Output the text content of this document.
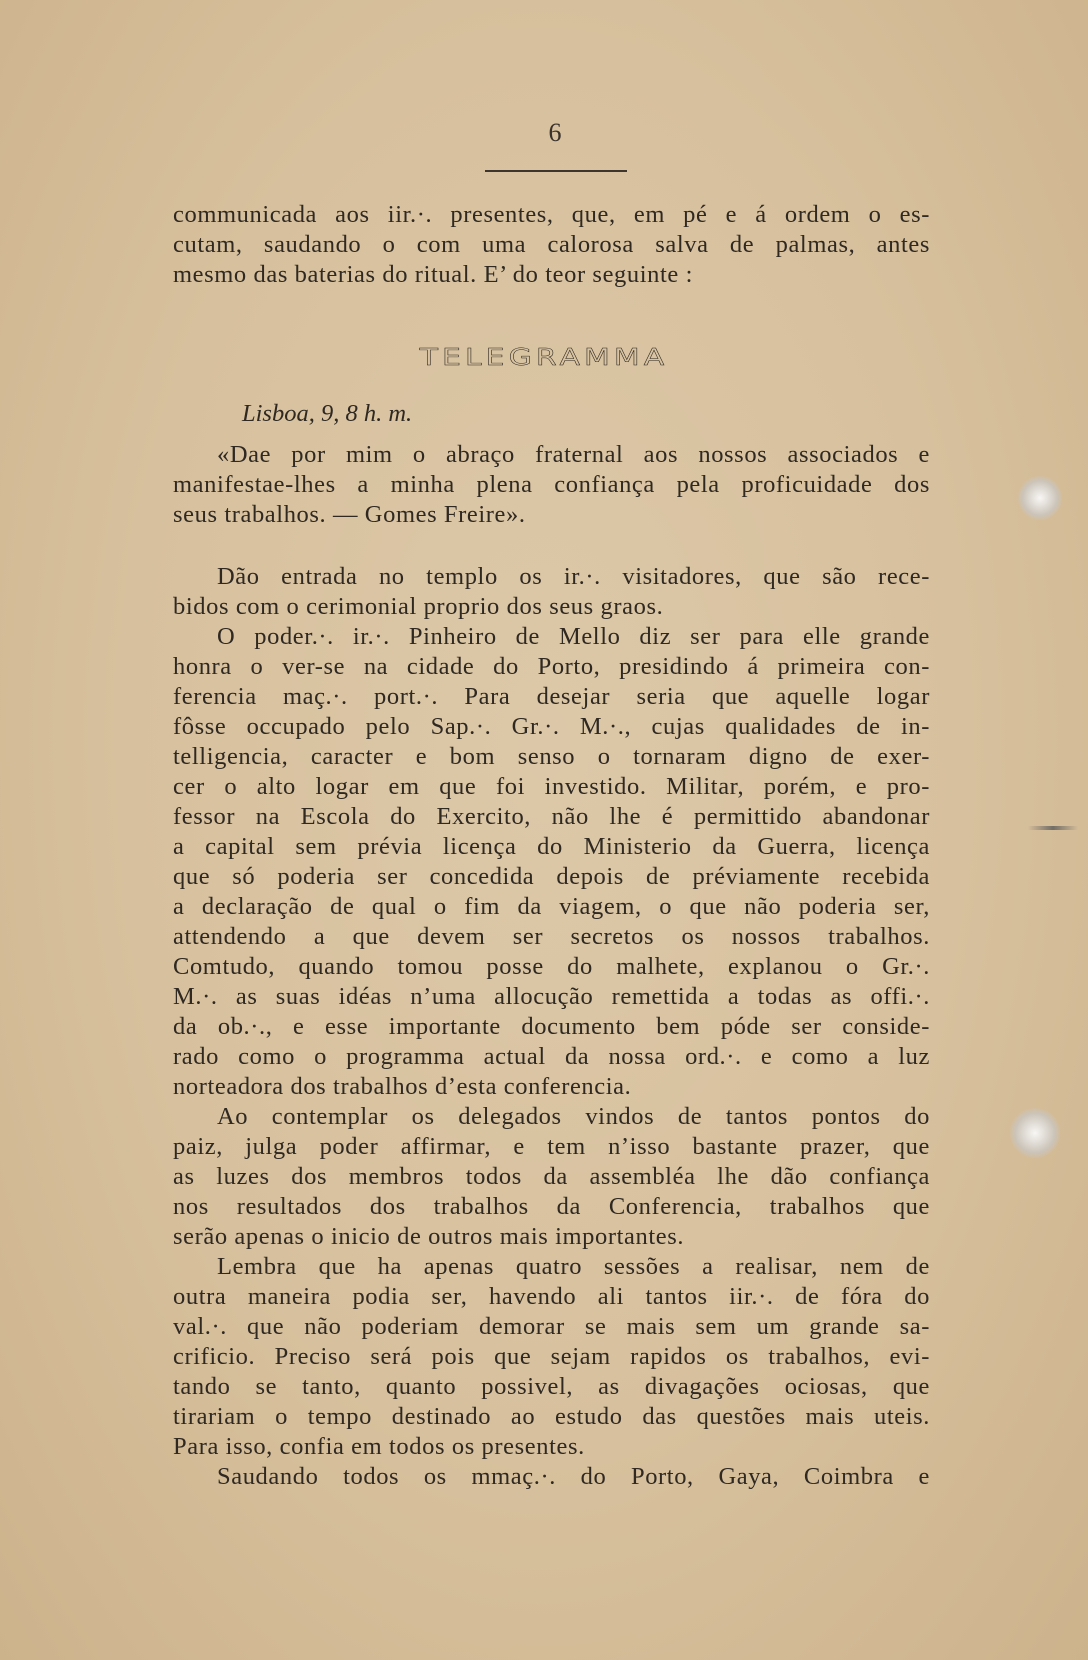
6
communicada aos iir.·. presentes, que, em pé e á ordem o es-
cutam, saudando o com uma calorosa salva de palmas, antes
mesmo das baterias do ritual. E’ do teor seguinte :
TELEGRAMMA
Lisboa, 9, 8 h. m.
«Dae por mim o abraço fraternal aos nossos associados e
manifestae-lhes a minha plena confiança pela proficuidade dos
seus trabalhos. — Gomes Freire».
Dão entrada no templo os ir.·. visitadores, que são rece-
bidos com o cerimonial proprio dos seus graos.
O poder.·. ir.·. Pinheiro de Mello diz ser para elle grande
honra o ver-se na cidade do Porto, presidindo á primeira con-
ferencia maç.·. port.·. Para desejar seria que aquelle logar
fôsse occupado pelo Sap.·. Gr.·. M.·., cujas qualidades de in-
telligencia, caracter e bom senso o tornaram digno de exer-
cer o alto logar em que foi investido. Militar, porém, e pro-
fessor na Escola do Exercito, não lhe é permittido abandonar
a capital sem prévia licença do Ministerio da Guerra, licença
que só poderia ser concedida depois de préviamente recebida
a declaração de qual o fim da viagem, o que não poderia ser,
attendendo a que devem ser secretos os nossos trabalhos.
Comtudo, quando tomou posse do malhete, explanou o Gr.·.
M.·. as suas idéas n’uma allocução remettida a todas as offi.·.
da ob.·., e esse importante documento bem póde ser conside-
rado como o programma actual da nossa ord.·. e como a luz
norteadora dos trabalhos d’esta conferencia.
Ao contemplar os delegados vindos de tantos pontos do
paiz, julga poder affirmar, e tem n’isso bastante prazer, que
as luzes dos membros todos da assembléa lhe dão confiança
nos resultados dos trabalhos da Conferencia, trabalhos que
serão apenas o inicio de outros mais importantes.
Lembra que ha apenas quatro sessões a realisar, nem de
outra maneira podia ser, havendo ali tantos iir.·. de fóra do
val.·. que não poderiam demorar se mais sem um grande sa-
crificio. Preciso será pois que sejam rapidos os trabalhos, evi-
tando se tanto, quanto possivel, as divagações ociosas, que
tirariam o tempo destinado ao estudo das questões mais uteis.
Para isso, confia em todos os presentes.
Saudando todos os mmaç.·. do Porto, Gaya, Coimbra e
